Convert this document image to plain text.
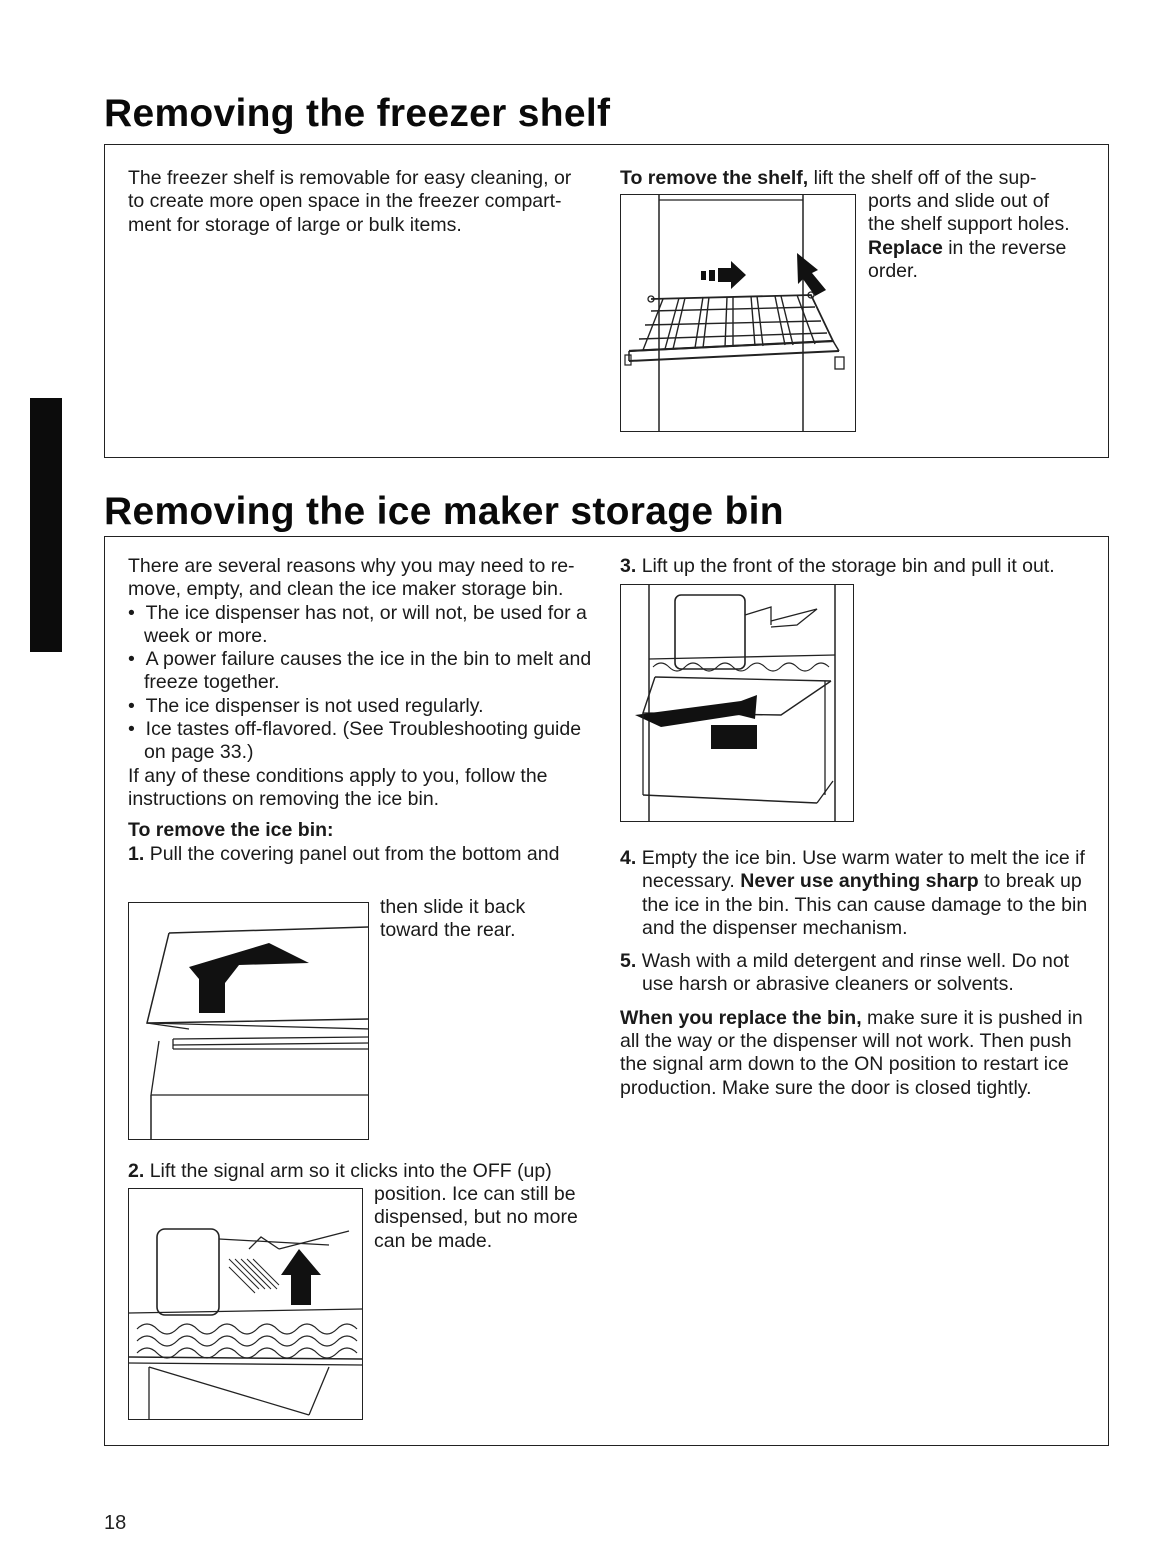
Removing the freezer shelf
The freezer shelf is removable for easy cleaning, or to create more open space in the freezer compart-ment for storage of large or bulk items.
To remove the shelf, lift the shelf off of the sup-

ports and slide out of

the shelf support holes.

Replace in the reverse

order.

Removing the ice maker storage bin

There are several reasons why you may need to re-move, empty, and clean the ice maker storage bin.

•  The ice dispenser has not, or will not, be used for a week or more.

•  A power failure causes the ice in the bin to melt and freeze together.

•  The ice dispenser is not used regularly.

•  Ice tastes off-flavored. (See Troubleshooting guide on page 33.)

If any of these conditions apply to you, follow the instructions on removing the ice bin.

To remove the ice bin:

1. Pull the covering panel out from the bottom and

then slide it back

toward the rear.

2. Lift the signal arm so it clicks into the OFF (up)

position. Ice can still be

dispensed, but no more

can be made.

3. Lift up the front of the storage bin and pull it out.

4. Empty the ice bin. Use warm water to melt the ice if necessary. Never use anything sharp to break up the ice in the bin. This can cause damage to the bin and the dispenser mechanism.

5. Wash with a mild detergent and rinse well. Do not use harsh or abrasive cleaners or solvents.

When you replace the bin, make sure it is pushed in all the way or the dispenser will not work. Then push the signal arm down to the ON position to restart ice production. Make sure the door is closed tightly.

18
